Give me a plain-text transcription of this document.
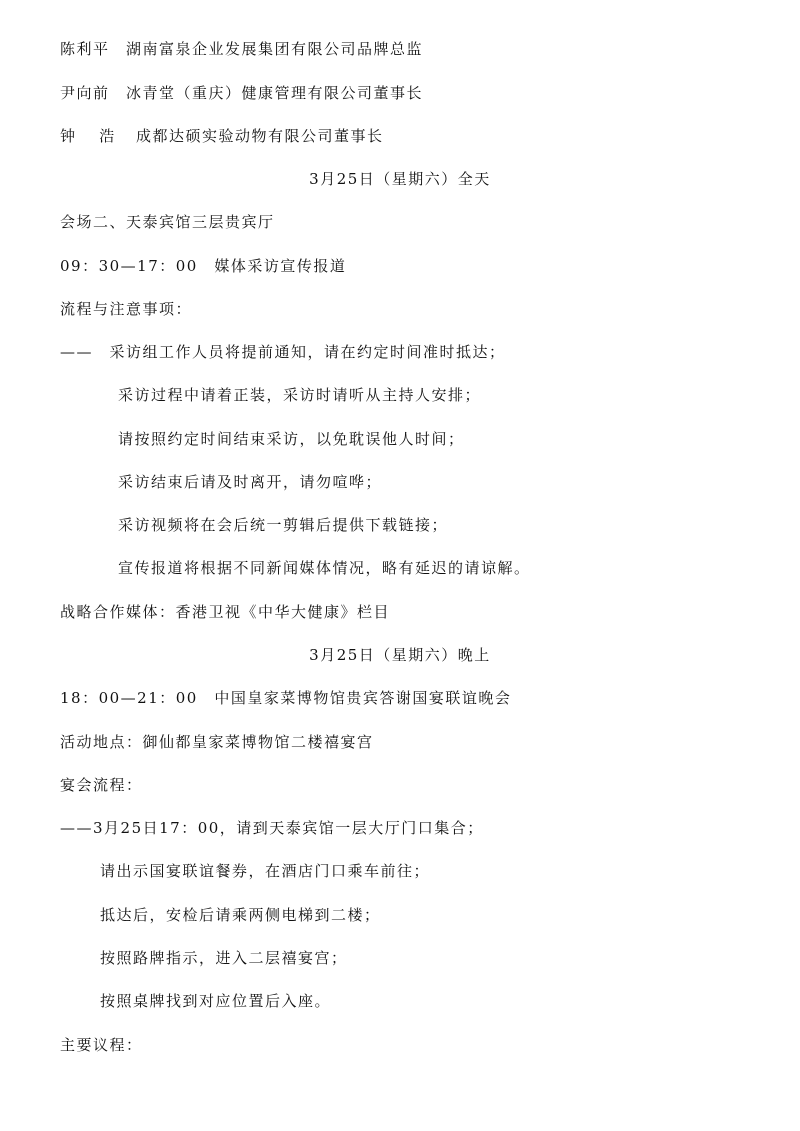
陈利平 湖南富泉企业发展集团有限公司品牌总监
尹向前 冰青堂（重庆）健康管理有限公司董事长
钟　 浩 成都达硕实验动物有限公司董事长
3月25日（星期六）全天
会场二、天泰宾馆三层贵宾厅
09：30—17：00　媒体采访宣传报道
流程与注意事项：
——　采访组工作人员将提前通知，请在约定时间准时抵达；
采访过程中请着正装，采访时请听从主持人安排；
请按照约定时间结束采访，以免耽误他人时间；
采访结束后请及时离开，请勿喧哗；
采访视频将在会后统一剪辑后提供下载链接；
宣传报道将根据不同新闻媒体情况，略有延迟的请谅解。
战略合作媒体：香港卫视《中华大健康》栏目
3月25日（星期六）晚上
18：00—21：00　中国皇家菜博物馆贵宾答谢国宴联谊晚会
活动地点：御仙都皇家菜博物馆二楼禧宴宫
宴会流程：
——3月25日17：00，请到天泰宾馆一层大厅门口集合；
请出示国宴联谊餐券，在酒店门口乘车前往；
抵达后，安检后请乘两侧电梯到二楼；
按照路牌指示，进入二层禧宴宫；
按照桌牌找到对应位置后入座。
主要议程：
